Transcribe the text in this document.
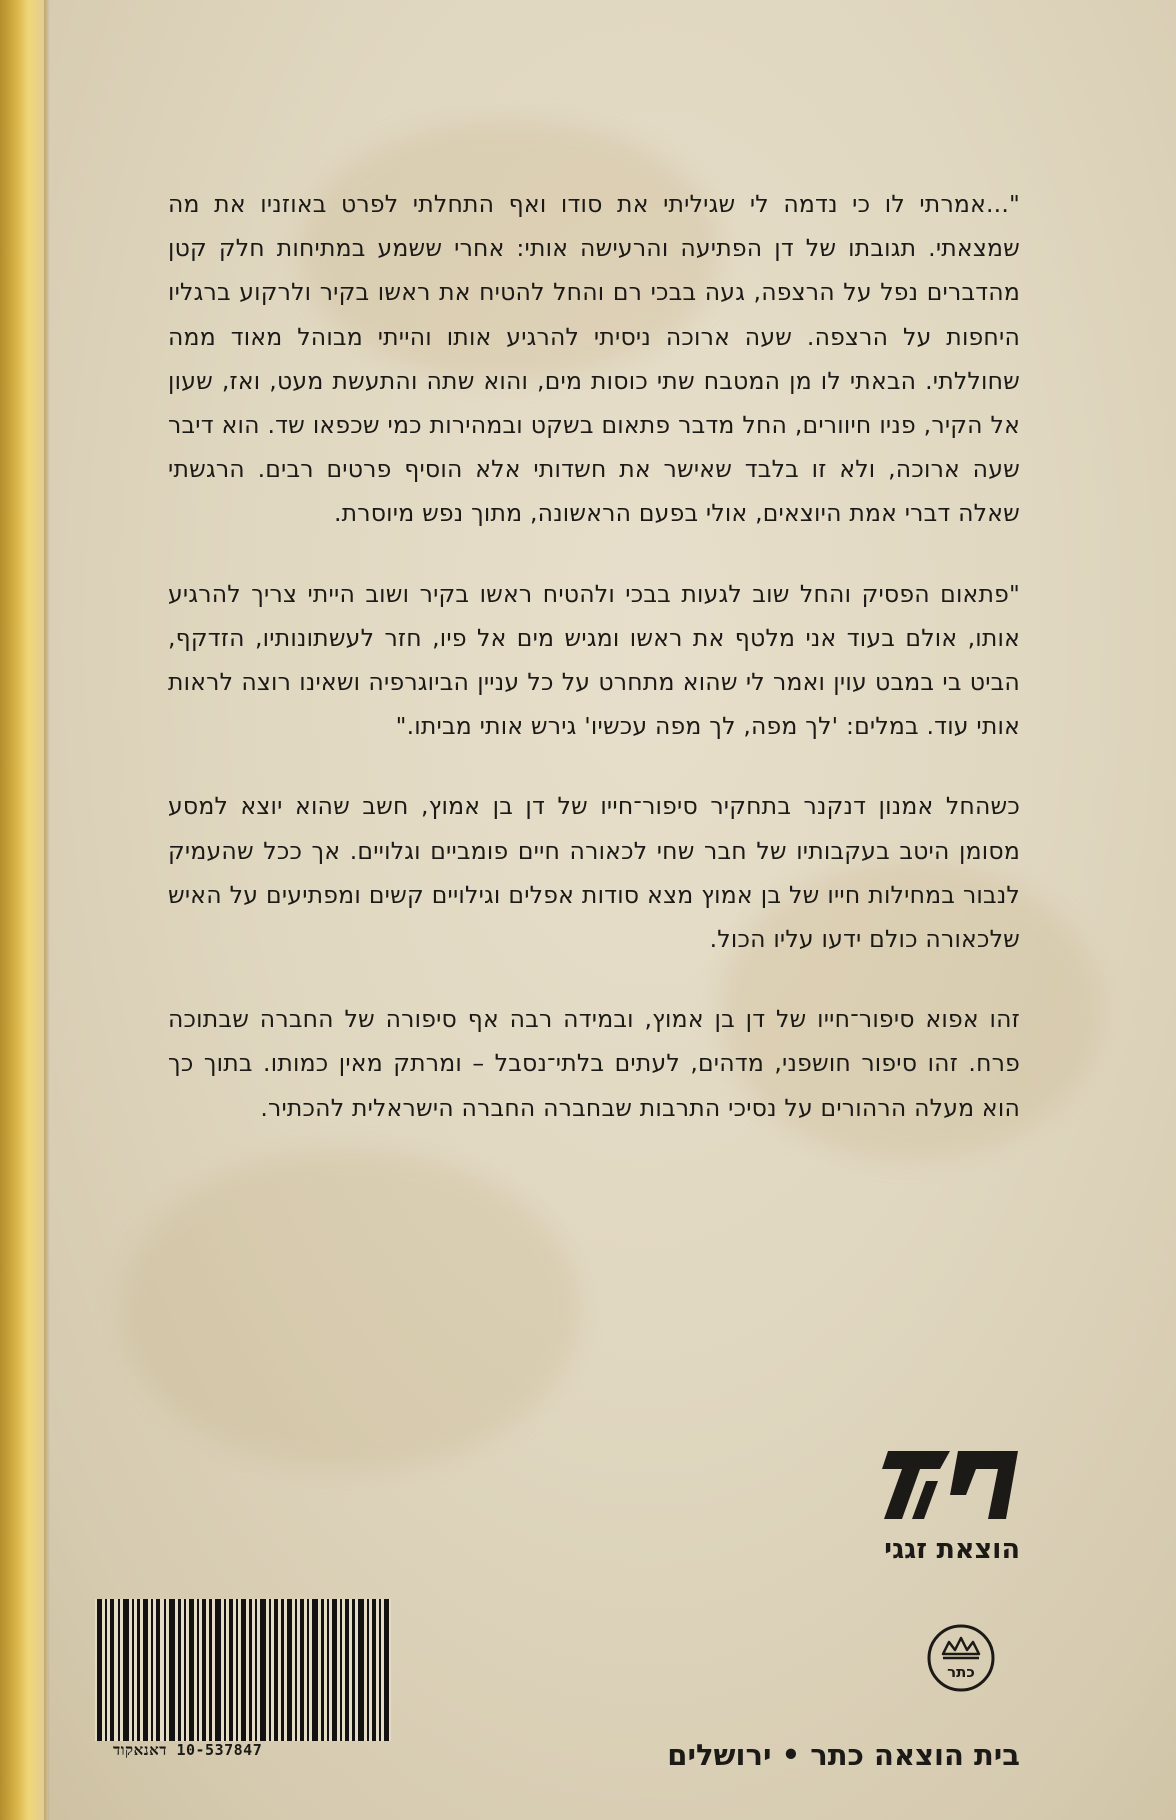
"...אמרתי לו כי נדמה לי שגיליתי את סודו ואף התחלתי לפרט באוזניו את מה שמצאתי. תגובתו של דן הפתיעה והרעישה אותי: אחרי ששמע במתיחות חלק קטן מהדברים נפל על הרצפה, געה בבכי רם והחל להטיח את ראשו בקיר ולרקוע ברגליו היחפות על הרצפה. שעה ארוכה ניסיתי להרגיע אותו והייתי מבוהל מאוד ממה שחוללתי. הבאתי לו מן המטבח שתי כוסות מים, והוא שתה והתעשת מעט, ואז, שעון אל הקיר, פניו חיוורים, החל מדבר פתאום בשקט ובמהירות כמי שכפאו שד. הוא דיבר שעה ארוכה, ולא זו בלבד שאישר את חשדותי אלא הוסיף פרטים רבים. הרגשתי שאלה דברי אמת היוצאים, אולי בפעם הראשונה, מתוך נפש מיוסרת.

"פתאום הפסיק והחל שוב לגעות בבכי ולהטיח ראשו בקיר ושוב הייתי צריך להרגיע אותו, אולם בעוד אני מלטף את ראשו ומגיש מים אל פיו, חזר לעשתונותיו, הזדקף, הביט בי במבט עוין ואמר לי שהוא מתחרט על כל עניין הביוגרפיה ושאינו רוצה לראות אותי עוד. במלים: 'לך מפה, לך מפה עכשיו' גירש אותי מביתו."

כשהחל אמנון דנקנר בתחקיר סיפור־חייו של דן בן אמוץ, חשב שהוא יוצא למסע מסומן היטב בעקבותיו של חבר שחי לכאורה חיים פומביים וגלויים. אך ככל שהעמיק לנבור במחילות חייו של בן אמוץ מצא סודות אפלים וגילויים קשים ומפתיעים על האיש שלכאורה כולם ידעו עליו הכול.

זהו אפוא סיפור־חייו של דן בן אמוץ, ובמידה רבה אף סיפורה של החברה שבתוכה פרח. זהו סיפור חושפני, מדהים, לעתים בלתי־נסבל – ומרתק מאין כמותו. בתוך כך הוא מעלה הרהורים על נסיכי התרבות שבחברה החברה הישראלית להכתיר.

הוצאת זגגי
10-537847 דאנאקוד
כתר
בית הוצאה כתר • ירושלים
